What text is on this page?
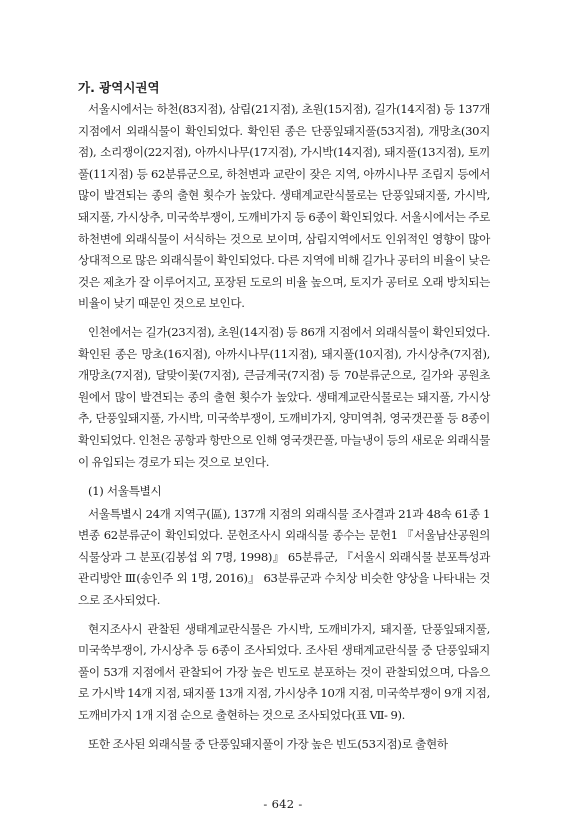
가. 광역시권역

서울시에서는 하천(83지점), 삼림(21지점), 초원(15지점), 길가(14지점) 등 137개 지점에서 외래식물이 확인되었다. 확인된 종은 단풍잎돼지풀(53지점), 개망초(30지점), 소리쟁이(22지점), 아까시나무(17지점), 가시박(14지점), 돼지풀(13지점), 토끼풀(11지점) 등 62분류군으로, 하천변과 교란이 잦은 지역, 아까시나무 조림지 등에서 많이 발견되는 종의 출현 횟수가 높았다. 생태계교란식물로는 단풍잎돼지풀, 가시박, 돼지풀, 가시상추, 미국쑥부쟁이, 도깨비가지 등 6종이 확인되었다. 서울시에서는 주로 하천변에 외래식물이 서식하는 것으로 보이며, 삼림지역에서도 인위적인 영향이 많아 상대적으로 많은 외래식물이 확인되었다. 다른 지역에 비해 길가나 공터의 비율이 낮은 것은 제초가 잘 이루어지고, 포장된 도로의 비율 높으며, 토지가 공터로 오래 방치되는 비율이 낮기 때문인 것으로 보인다.

인천에서는 길가(23지점), 초원(14지점) 등 86개 지점에서 외래식물이 확인되었다. 확인된 종은 망초(16지점), 아까시나무(11지점), 돼지풀(10지점), 가시상추(7지점), 개망초(7지점), 달맞이꽃(7지점), 큰금계국(7지점) 등 70분류군으로, 길가와 공원초원에서 많이 발견되는 종의 출현 횟수가 높았다. 생태계교란식물로는 돼지풀, 가시상추, 단풍잎돼지풀, 가시박, 미국쑥부쟁이, 도깨비가지, 양미역취, 영국갯끈풀 등 8종이 확인되었다. 인천은 공항과 항만으로 인해 영국갯끈풀, 마늘냉이 등의 새로운 외래식물이 유입되는 경로가 되는 것으로 보인다.

(1) 서울특별시

서울특별시 24개 지역구(區), 137개 지점의 외래식물 조사결과 21과 48속 61종 1변종 62분류군이 확인되었다. 문헌조사시 외래식물 종수는 문헌1 『서울남산공원의 식물상과 그 분포(김봉섭 외 7명, 1998)』 65분류군, 『서울시 외래식물 분포특성과 관리방안 Ⅲ(송인주 외 1명, 2016)』 63분류군과 수치상 비슷한 양상을 나타내는 것으로 조사되었다.

현지조사시 관찰된 생태계교란식물은 가시박, 도깨비가지, 돼지풀, 단풍잎돼지풀, 미국쑥부쟁이, 가시상추 등 6종이 조사되었다. 조사된 생태계교란식물 중 단풍잎돼지풀이 53개 지점에서 관찰되어 가장 높은 빈도로 분포하는 것이 관찰되었으며, 다음으로 가시박 14개 지점, 돼지풀 13개 지점, 가시상추 10개 지점, 미국쑥부쟁이 9개 지점, 도깨비가지 1개 지점 순으로 출현하는 것으로 조사되었다(표 Ⅶ- 9).

또한 조사된 외래식물 중 단풍잎돼지풀이 가장 높은 빈도(53지점)로 출현하

- 642 -
